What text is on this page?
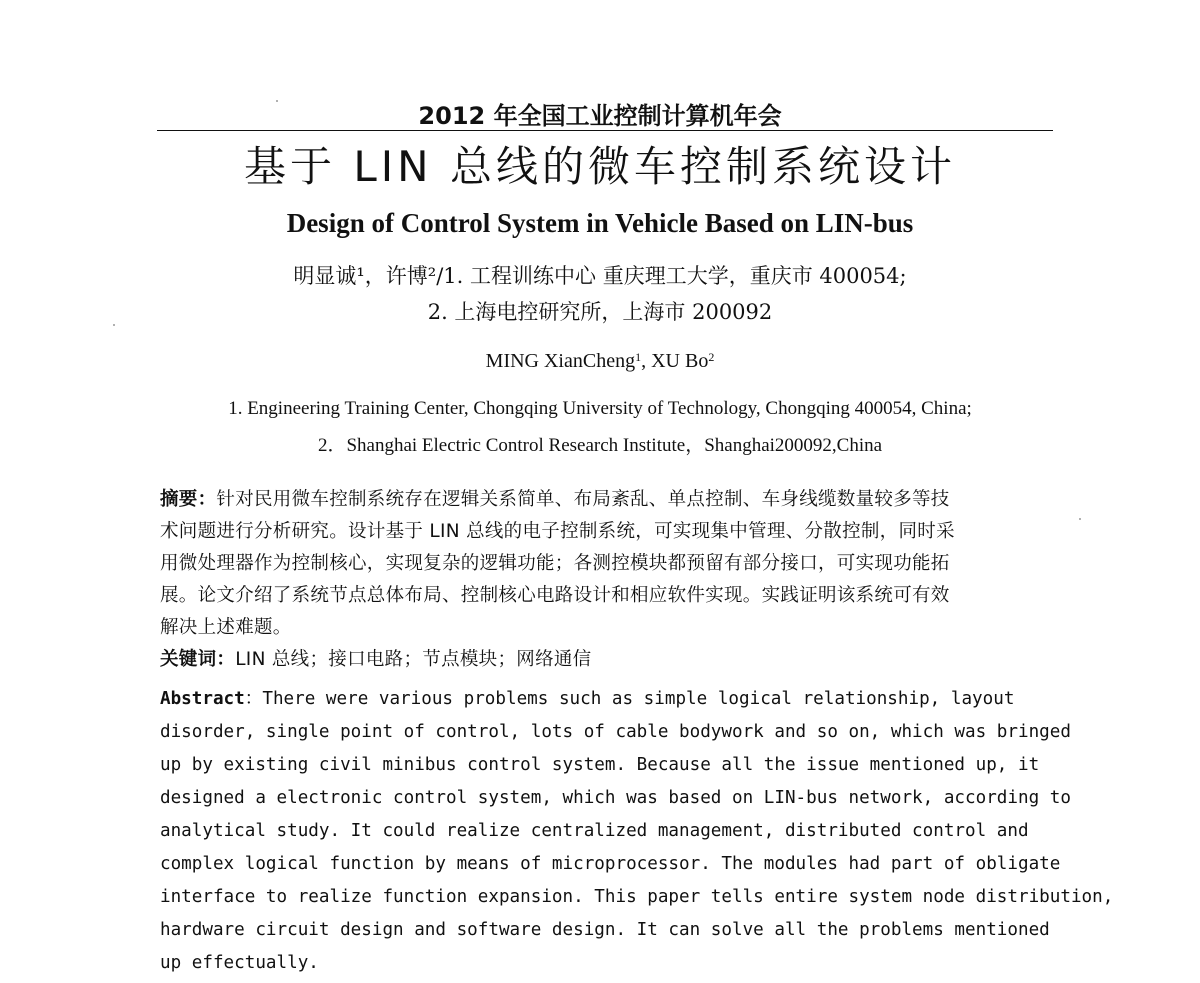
2012 年全国工业控制计算机年会
基于 LIN 总线的微车控制系统设计
Design of Control System in Vehicle Based on LIN-bus
明显诚¹，许博²/1. 工程训练中心 重庆理工大学，重庆市 400054;
2. 上海电控研究所，上海市 200092
MING XianCheng$^1$, XU Bo$^2$
1. Engineering Training Center, Chongqing University of Technology, Chongqing 400054, China;
2．Shanghai Electric Control Research Institute，Shanghai200092,China
摘要：针对民用微车控制系统存在逻辑关系简单、布局紊乱、单点控制、车身线缆数量较多等技
术问题进行分析研究。设计基于 LIN 总线的电子控制系统，可实现集中管理、分散控制，同时采
用微处理器作为控制核心，实现复杂的逻辑功能；各测控模块都预留有部分接口，可实现功能拓
展。论文介绍了系统节点总体布局、控制核心电路设计和相应软件实现。实践证明该系统可有效
解决上述难题。
关键词：LIN 总线；接口电路；节点模块；网络通信
Abstract：There were various problems such as simple logical relationship, layout
disorder, single point of control, lots of cable bodywork and so on, which was bringed
up by existing civil minibus control system. Because all the issue mentioned up, it
designed a electronic control system, which was based on LIN-bus network, according to
analytical study. It could realize centralized management, distributed control and
complex logical function by means of microprocessor. The modules had part of obligate
interface to realize function expansion. This paper tells entire system node distribution,
hardware circuit design and software design. It can solve all the problems mentioned
up effectually.
